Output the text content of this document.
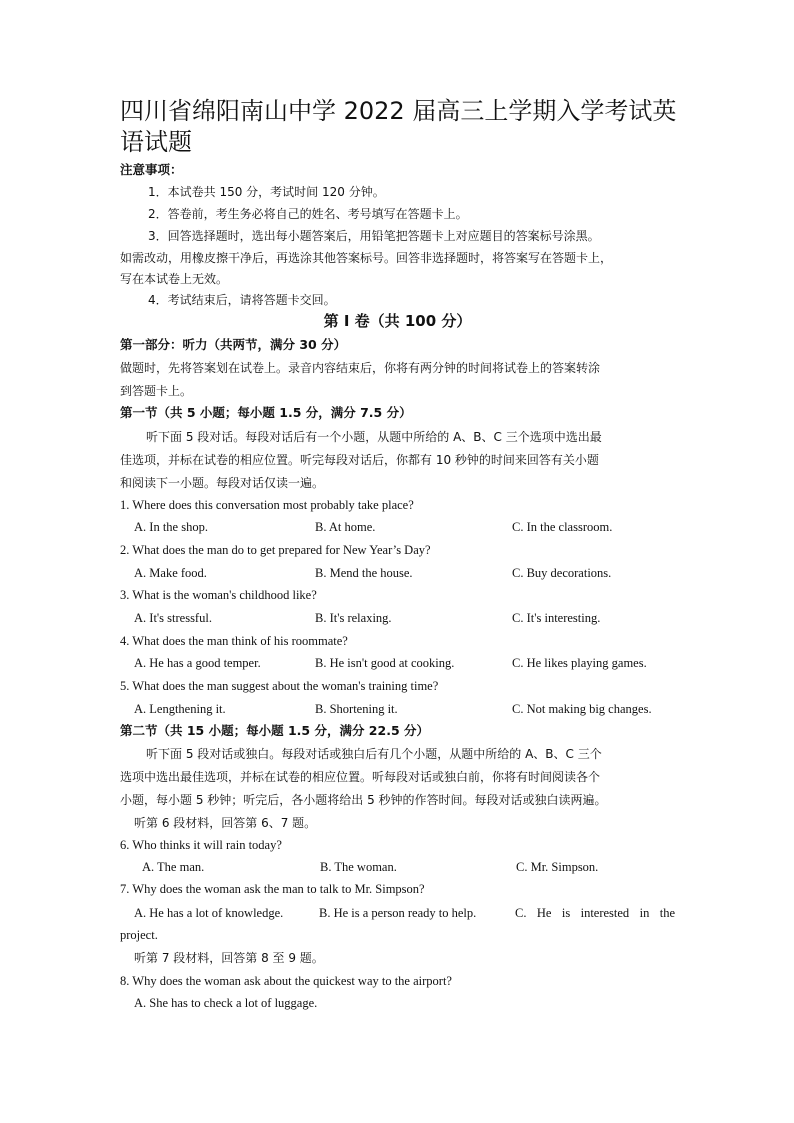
四川省绵阳南山中学 2022 届高三上学期入学考试英
语试题
注意事项：
1．本试卷共 150 分，考试时间 120 分钟。
2．答卷前，考生务必将自己的姓名、考号填写在答题卡上。
3．回答选择题时，选出每小题答案后，用铅笔把答题卡上对应题目的答案标号涂黑。
如需改动，用橡皮擦干净后，再选涂其他答案标号。回答非选择题时，将答案写在答题卡上，
写在本试卷上无效。
4．考试结束后，请将答题卡交回。
第 I 卷（共 100 分）
第一部分：听力（共两节，满分 30 分）
做题时，先将答案划在试卷上。录音内容结束后，你将有两分钟的时间将试卷上的答案转涂
到答题卡上。
第一节（共 5 小题；每小题 1.5 分，满分 7.5 分）
听下面 5 段对话。每段对话后有一个小题，从题中所给的 A、B、C 三个选项中选出最
佳选项，并标在试卷的相应位置。听完每段对话后，你都有 10 秒钟的时间来回答有关小题
和阅读下一小题。每段对话仅读一遍。
1. Where does this conversation most probably take place?
A. In the shop.	B. At home.	C. In the classroom.
2. What does the man do to get prepared for New Year’s Day?
A. Make food.	B. Mend the house.	C. Buy decorations.
3. What is the woman's childhood like?
A. It's stressful.	B. It's relaxing.	C. It's interesting.
4. What does the man think of his roommate?
A. He has a good temper.	B. He isn't good at cooking.	C. He likes playing games.
5. What does the man suggest about the woman's training time?
A. Lengthening it.	B. Shortening it.	C. Not making big changes.
第二节（共 15 小题；每小题 1.5 分，满分 22.5 分）
听下面 5 段对话或独白。每段对话或独白后有几个小题，从题中所给的 A、B、C 三个
选项中选出最佳选项，并标在试卷的相应位置。听每段对话或独白前，你将有时间阅读各个
小题，每小题 5 秒钟；听完后，各小题将给出 5 秒钟的作答时间。每段对话或独白读两遍。
听第 6 段材料，回答第 6、7 题。
6. Who thinks it will rain today?
A. The man.	B. The woman.	C. Mr. Simpson.
7. Why does the woman ask the man to talk to Mr. Simpson?
A. He has a lot of knowledge.	B. He is a person ready to help.	C. He is interested in the
project.
听第 7 段材料，回答第 8 至 9 题。
8. Why does the woman ask about the quickest way to the airport?
A. She has to check a lot of luggage.
